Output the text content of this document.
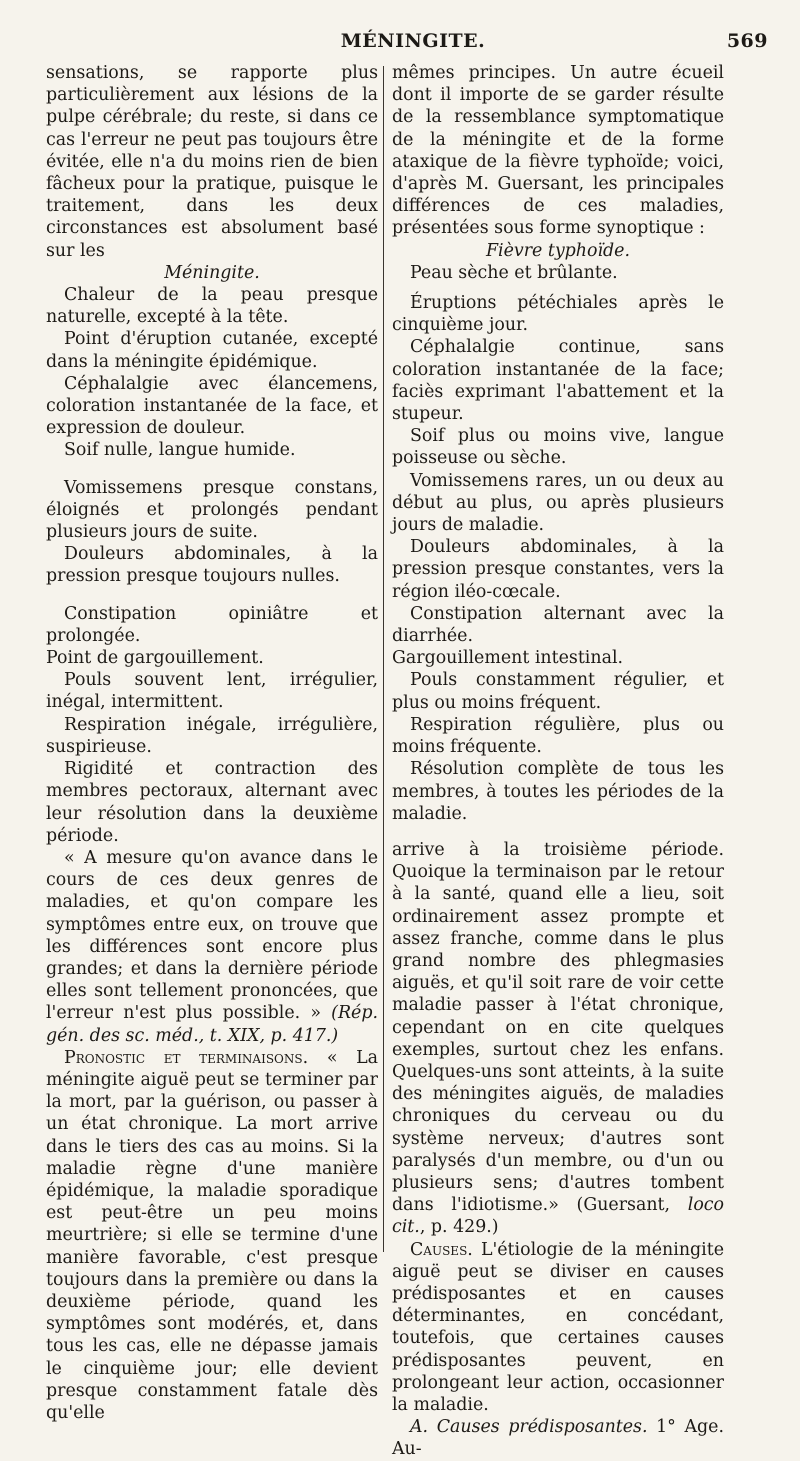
MÉNINGITE.	569

sensations, se rapporte plus particulièrement aux lésions de la pulpe cérébrale; du reste, si dans ce cas l'erreur ne peut pas toujours être évitée, elle n'a du moins rien de bien fâcheux pour la pratique, puisque le traitement, dans les deux circonstances est absolument basé sur les

Méningite.

Chaleur de la peau presque naturelle, excepté à la tête.

Point d'éruption cutanée, excepté dans la méningite épidémique.

Céphalalgie avec élancemens, coloration instantanée de la face, et expression de douleur.

Soif nulle, langue humide.

Vomissemens presque constans, éloignés et prolongés pendant plusieurs jours de suite.

Douleurs abdominales, à la pression presque toujours nulles.

Constipation opiniâtre et prolongée.

Point de gargouillement.

Pouls souvent lent, irrégulier, inégal, intermittent.

Respiration inégale, irrégulière, suspirieuse.

Rigidité et contraction des membres pectoraux, alternant avec leur résolution dans la deuxième période.

« A mesure qu'on avance dans le cours de ces deux genres de maladies, et qu'on compare les symptômes entre eux, on trouve que les différences sont encore plus grandes; et dans la dernière période elles sont tellement prononcées, que l'erreur n'est plus possible. » (Rép. gén. des sc. méd., t. XIX, p. 417.)

Pronostic et terminaisons. « La méningite aiguë peut se terminer par la mort, par la guérison, ou passer à un état chronique. La mort arrive dans le tiers des cas au moins. Si la maladie règne d'une manière épidémique, la maladie sporadique est peut-être un peu moins meurtrière; si elle se termine d'une manière favorable, c'est presque toujours dans la première ou dans la deuxième période, quand les symptômes sont modérés, et, dans tous les cas, elle ne dépasse jamais le cinquième jour; elle devient presque constamment fatale dès qu'elle

mêmes principes. Un autre écueil dont il importe de se garder résulte de la ressemblance symptomatique de la méningite et de la forme ataxique de la fièvre typhoïde; voici, d'après M. Guersant, les principales différences de ces maladies, présentées sous forme synoptique :

Fièvre typhoïde.

Peau sèche et brûlante.

Éruptions pétéchiales après le cinquième jour.

Céphalalgie continue, sans coloration instantanée de la face; faciès exprimant l'abattement et la stupeur.

Soif plus ou moins vive, langue poisseuse ou sèche.

Vomissemens rares, un ou deux au début au plus, ou après plusieurs jours de maladie.

Douleurs abdominales, à la pression presque constantes, vers la région iléo-cœcale.

Constipation alternant avec la diarrhée.

Gargouillement intestinal.

Pouls constamment régulier, et plus ou moins fréquent.

Respiration régulière, plus ou moins fréquente.

Résolution complète de tous les membres, à toutes les périodes de la maladie.

arrive à la troisième période. Quoique la terminaison par le retour à la santé, quand elle a lieu, soit ordinairement assez prompte et assez franche, comme dans le plus grand nombre des phlegmasies aiguës, et qu'il soit rare de voir cette maladie passer à l'état chronique, cependant on en cite quelques exemples, surtout chez les enfans. Quelques-uns sont atteints, à la suite des méningites aiguës, de maladies chroniques du cerveau ou du système nerveux; d'autres sont paralysés d'un membre, ou d'un ou plusieurs sens; d'autres tombent dans l'idiotisme.» (Guersant, loco cit., p. 429.)

Causes. L'étiologie de la méningite aiguë peut se diviser en causes prédisposantes et en causes déterminantes, en concédant, toutefois, que certaines causes prédisposantes peuvent, en prolongeant leur action, occasionner la maladie.

A. Causes prédisposantes. 1° Age. Au-
